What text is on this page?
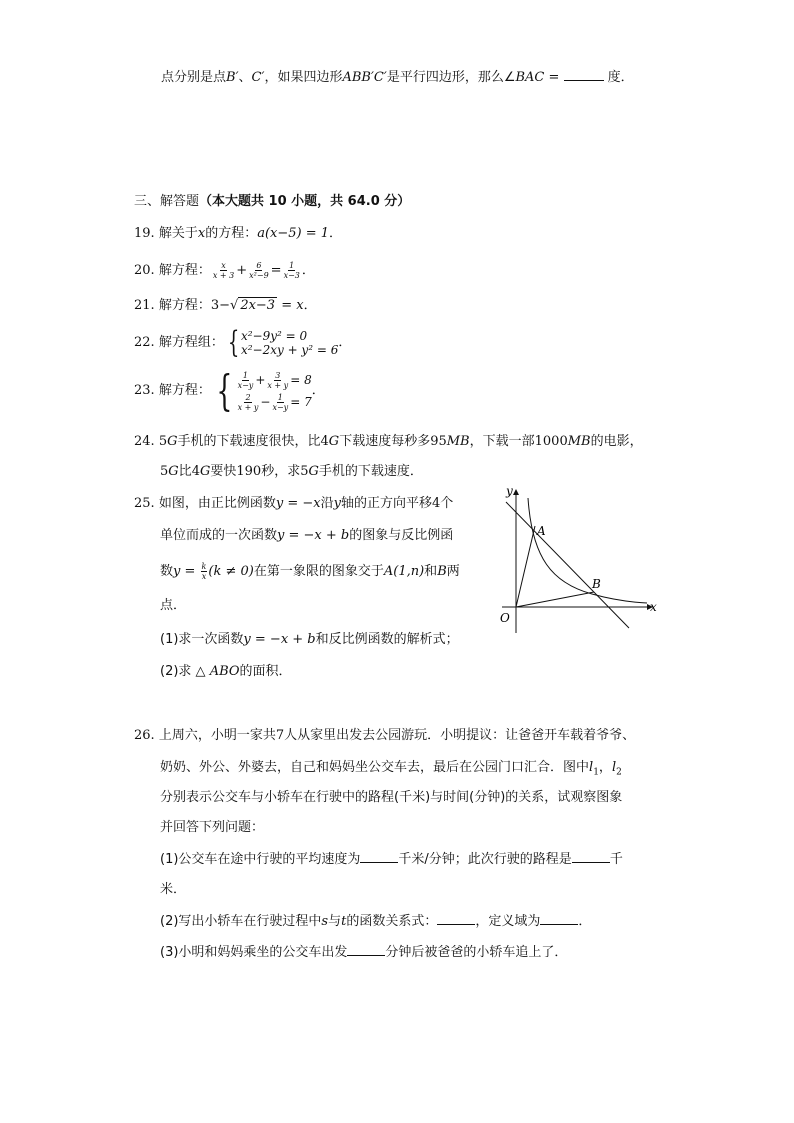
点分别是点B′、C′，如果四边形ABB′C′是平行四边形，那么∠BAC =	度．
三、解答题（本大题共 10 小题，共 64.0 分）
19. 解关于x的方程：a(x−5) = 1．
20. 解方程： $\frac{x}{x + 3} + \frac{6}{\text{x²−9}} = \frac{1}{x-3}$ ．
21. 解方程：3−√ 2x−3 = x．
22. 解方程组： { x²−9y² = 0
x²−2xy + y² = 6 ．
23. 解方程： { $\frac{1}{x-y} + \frac{3}{x + y} = 8$
$\frac{2}{x + y} - \frac{1}{x-y} = 7$
．
24. 5G手机的下载速度很快，比4G下载速度每秒多95MB，下载一部1000MB的电影，
5G比4G要快190秒，求5G手机的下载速度．
25. 如图，由正比例函数y = −x沿y轴的正方向平移4个
单位而成的一次函数y = −x + b的图象与反比例函
数$y = \frac{k}{x} (k \ne 0)$在第一象限的图象交于A(1,n)和B两
点．
(1)求一次函数y = −x + b和反比例函数的解析式；
(2)求 △ ABO的面积．
y
x
O
A
B
26. 上周六，小明一家共7人从家里出发去公园游玩．小明提议：让爸爸开车载着爷爷、
奶奶、外公、外婆去，自己和妈妈坐公交车去，最后在公园门口汇合．图中$l_1$，$l_2$
分别表示公交车与小轿车在行驶中的路程(千米)与时间(分钟)的关系，试观察图象
并回答下列问题：
(1)公交车在途中行驶的平均速度为	千米/分钟；此次行驶的路程是	千
米．
(2)写出小轿车在行驶过程中s与t的函数关系式：	，定义域为	．
(3)小明和妈妈乘坐的公交车出发	分钟后被爸爸的小轿车追上了．
